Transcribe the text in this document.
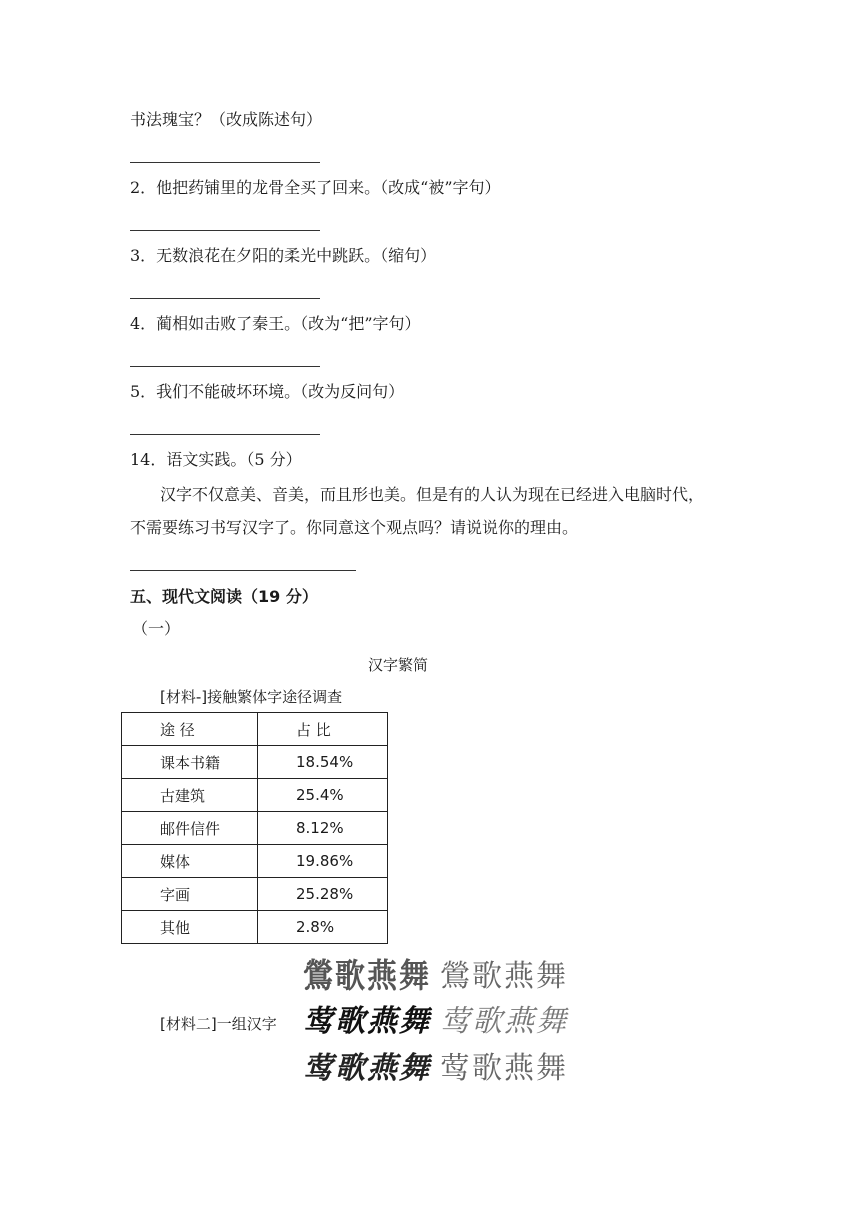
书法瑰宝？（改成陈述句）
2．他把药铺里的龙骨全买了回来。（改成“被”字句）
3．无数浪花在夕阳的柔光中跳跃。（缩句）
4．蔺相如击败了秦王。（改为“把”字句）
5．我们不能破坏环境。（改为反问句）
14．语文实践。（5 分）
汉字不仅意美、音美，而且形也美。但是有的人认为现在已经进入电脑时代，
不需要练习书写汉字了。你同意这个观点吗？请说说你的理由。
五、现代文阅读（19 分）
（一）
汉字繁简
[材料-]接触繁体字途径调查
途 径	占 比
课本书籍	18.54%
古建筑	25.4%
邮件信件	8.12%
媒体	19.86%
字画	25.28%
其他	2.8%
[材料二]一组汉字
鶯歌燕舞 鶯歌燕舞
莺歌燕舞 莺歌燕舞
莺歌燕舞 莺歌燕舞
